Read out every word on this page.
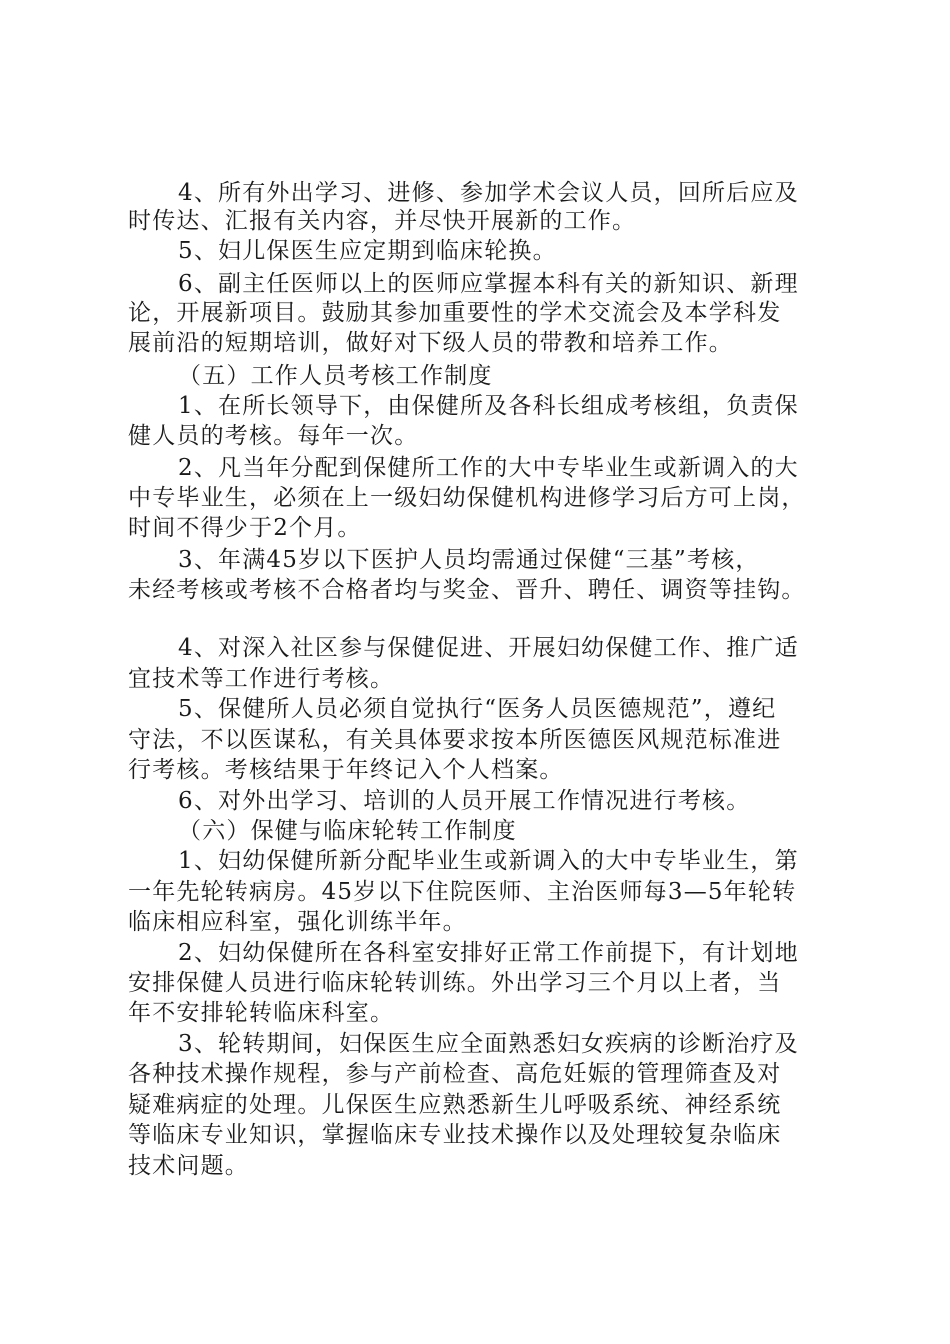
4、所有外出学习、进修、参加学术会议人员，回所后应及
时传达、汇报有关内容，并尽快开展新的工作。
5、妇儿保医生应定期到临床轮换。
6、副主任医师以上的医师应掌握本科有关的新知识、新理
论，开展新项目。鼓励其参加重要性的学术交流会及本学科发
展前沿的短期培训，做好对下级人员的带教和培养工作。
（五）工作人员考核工作制度
1、在所长领导下，由保健所及各科长组成考核组，负责保
健人员的考核。每年一次。
2、凡当年分配到保健所工作的大中专毕业生或新调入的大
中专毕业生，必须在上一级妇幼保健机构进修学习后方可上岗，
时间不得少于2个月。
3、年满45岁以下医护人员均需通过保健“三基”考核，
未经考核或考核不合格者均与奖金、晋升、聘任、调资等挂钩。
4、对深入社区参与保健促进、开展妇幼保健工作、推广适
宜技术等工作进行考核。
5、保健所人员必须自觉执行“医务人员医德规范”，遵纪
守法，不以医谋私，有关具体要求按本所医德医风规范标准进
行考核。考核结果于年终记入个人档案。
6、对外出学习、培训的人员开展工作情况进行考核。
（六）保健与临床轮转工作制度
1、妇幼保健所新分配毕业生或新调入的大中专毕业生，第
一年先轮转病房。45岁以下住院医师、主治医师每3—5年轮转
临床相应科室，强化训练半年。
2、妇幼保健所在各科室安排好正常工作前提下，有计划地
安排保健人员进行临床轮转训练。外出学习三个月以上者，当
年不安排轮转临床科室。
3、轮转期间，妇保医生应全面熟悉妇女疾病的诊断治疗及
各种技术操作规程，参与产前检查、高危妊娠的管理筛查及对
疑难病症的处理。儿保医生应熟悉新生儿呼吸系统、神经系统
等临床专业知识，掌握临床专业技术操作以及处理较复杂临床
技术问题。
